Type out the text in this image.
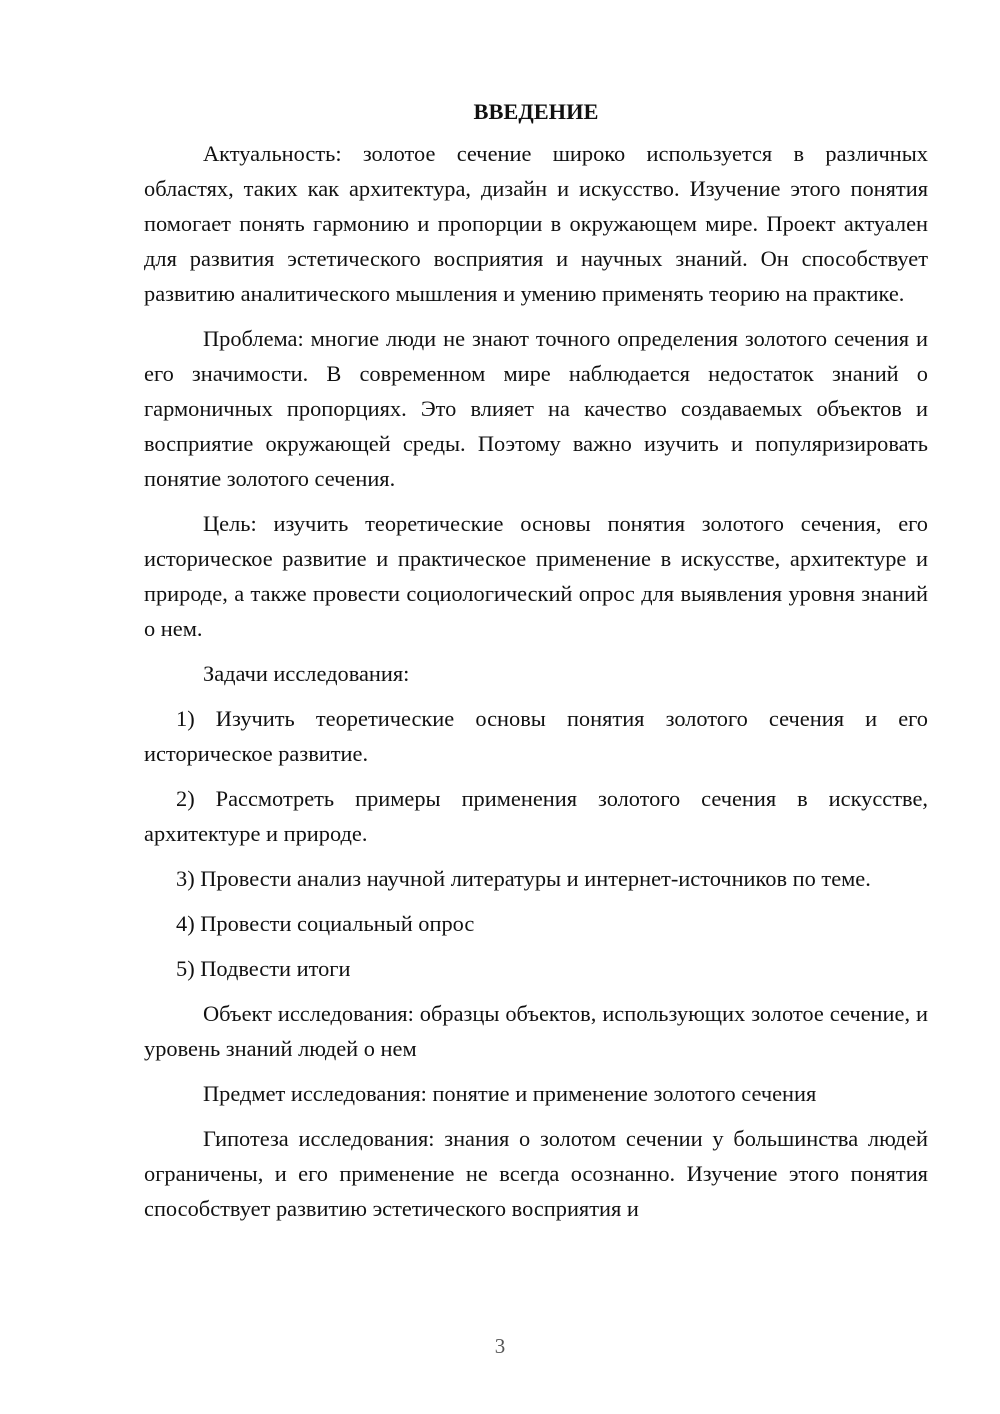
ВВЕДЕНИЕ

Актуальность: золотое сечение широко используется в различных областях, таких как архитектура, дизайн и искусство. Изучение этого понятия помогает понять гармонию и пропорции в окружающем мире. Проект актуален для развития эстетического восприятия и научных знаний. Он способствует развитию аналитического мышления и умению применять теорию на практике.

Проблема: многие люди не знают точного определения золотого сечения и его значимости. В современном мире наблюдается недостаток знаний о гармоничных пропорциях. Это влияет на качество создаваемых объектов и восприятие окружающей среды. Поэтому важно изучить и популяризировать понятие золотого сечения.

Цель: изучить теоретические основы понятия золотого сечения, его историческое развитие и практическое применение в искусстве, архитектуре и природе, а также провести социологический опрос для выявления уровня знаний о нем.

Задачи исследования:

1) Изучить теоретические основы понятия золотого сечения и его историческое развитие.

2) Рассмотреть примеры применения золотого сечения в искусстве, архитектуре и природе.

3) Провести анализ научной литературы и интернет-источников по теме.

4) Провести социальный опрос

5) Подвести итоги

Объект исследования: образцы объектов, использующих золотое сечение, и уровень знаний людей о нем

Предмет исследования: понятие и применение золотого сечения

Гипотеза исследования: знания о золотом сечении у большинства людей ограничены, и его применение не всегда осознанно. Изучение этого понятия способствует развитию эстетического восприятия и

3
